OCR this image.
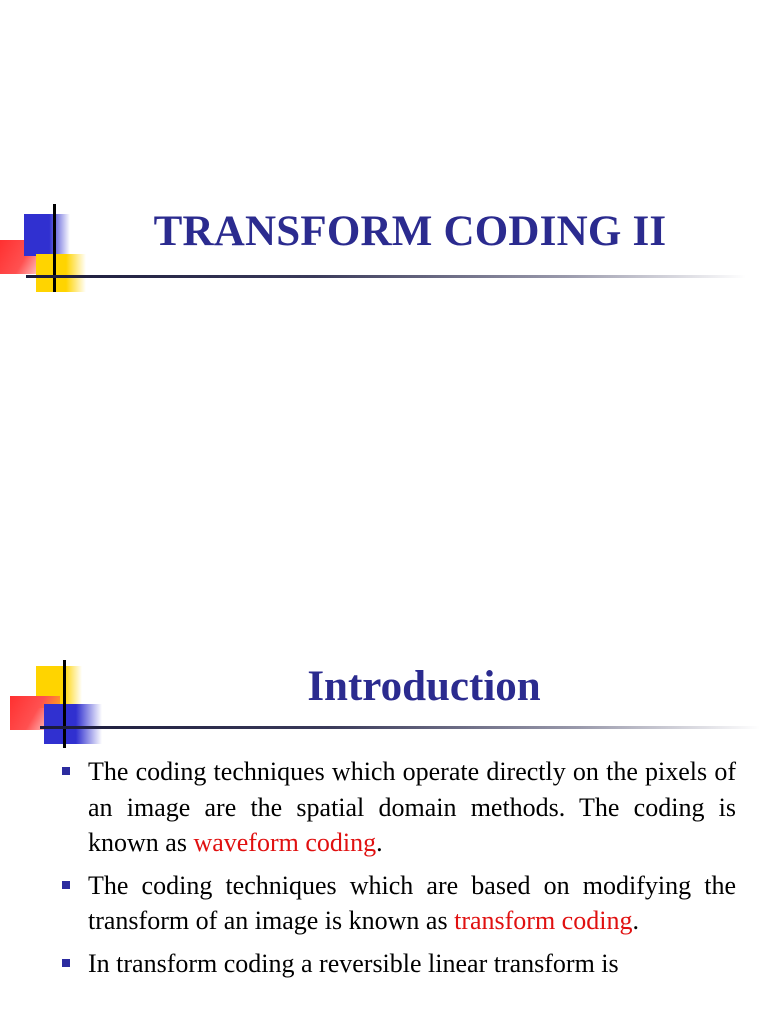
TRANSFORM CODING II
Introduction
The coding techniques which operate directly on the pixels of an image are the spatial domain methods. The coding is known as waveform coding.
The coding techniques which are based on modifying the transform of an image is known as transform coding.
In transform coding a reversible linear transform is
